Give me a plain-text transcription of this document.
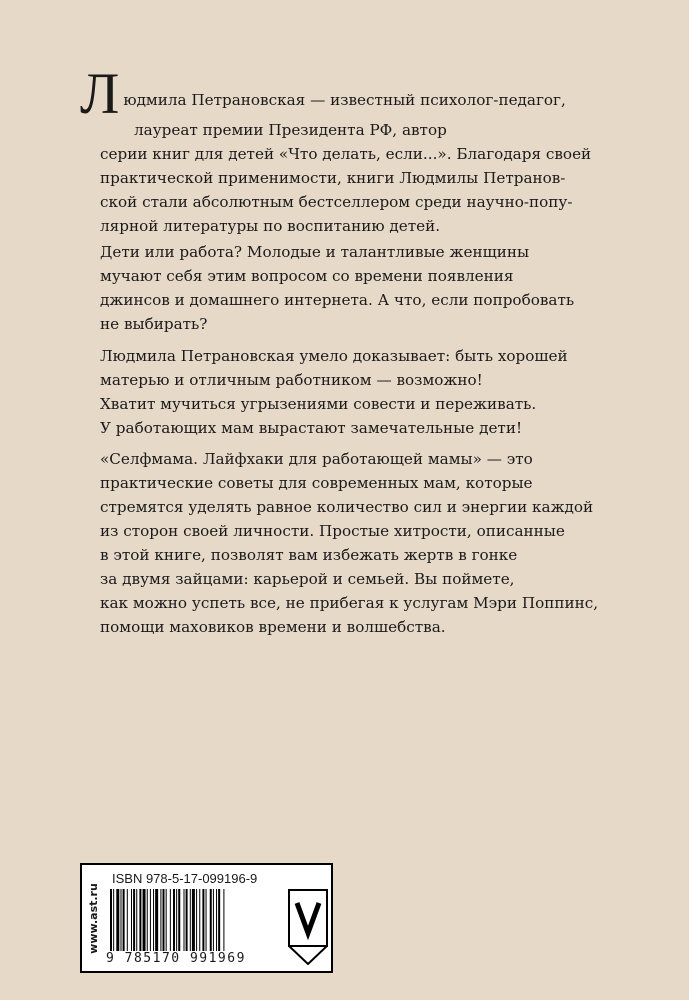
Л юдмила Петрановская — известный психолог-педагог,

лауреат премии Президента РФ, автор

серии книг для детей «Что делать, если...». Благодаря своей

практической применимости, книги Людмилы Петранов-

ской стали абсолютным бестселлером среди научно-попу-

лярной литературы по воспитанию детей.

Дети или работа? Молодые и талантливые женщины

мучают себя этим вопросом со времени появления

джинсов и домашнего интернета. А что, если попробовать

не выбирать?

Людмила Петрановская умело доказывает: быть хорошей

матерью и отличным работником — возможно!

Хватит мучиться угрызениями совести и переживать.

У работающих мам вырастают замечательные дети!

«Селфмама. Лайфхаки для работающей мамы» — это

практические советы для современных мам, которые

стремятся уделять равное количество сил и энергии каждой

из сторон своей личности. Простые хитрости, описанные

в этой книге, позволят вам избежать жертв в гонке

за двумя зайцами: карьерой и семьей. Вы поймете,

как можно успеть все, не прибегая к услугам Мэри Поппинс,

помощи маховиков времени и волшебства.

www.ast.ru
ISBN 978-5-17-099196-9
9 785170 991969
